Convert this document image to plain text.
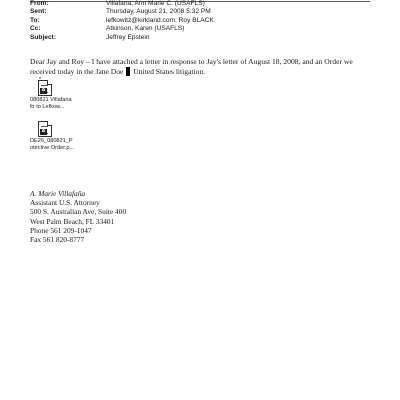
From:	Villafana, Ann Marie C. (USAFLS)
Sent:	Thursday, August 21, 2008 5:32 PM
To:	lefkowitz@kirkland.com; Roy BLACK
Cc:	Atkinson, Karen (USAFLS)
Subject:	Jeffrey Epstein
Dear Jay and Roy – I have attached a letter in response to Jay's letter of August 18, 2008, and an Order we
received today in the Jane Doe United States litigation.
A
080821 Villafana
ltr to Lefkow...
A
DE26_080821_P
otective Order.p...
A. Marie Villafaña
Assistant U.S. Attorney
500 S. Australian Ave, Suite 400
West Palm Beach, FL 33401
Phone 561 209-1047
Fax 561 820-8777
